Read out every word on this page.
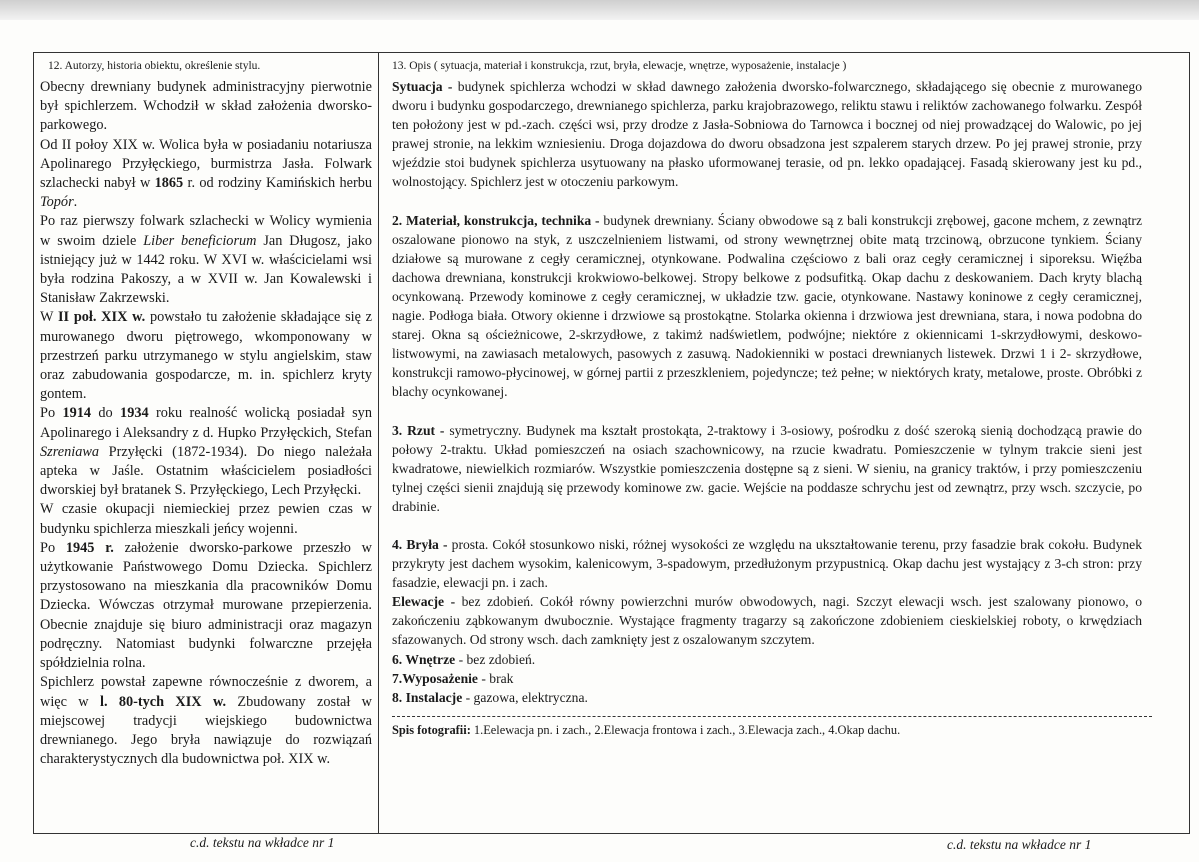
12. Autorzy, historia obiektu, określenie stylu.

Obecny drewniany budynek administracyjny pierwotnie był spichlerzem. Wchodził w skład założenia dworsko-parkowego.

Od II połoy XIX w. Wolica była w posiadaniu notariusza Apolinarego Przyłęckiego, burmistrza Jasła. Folwark szlachecki nabył w 1865 r. od rodziny Kamińskich herbu Topór.

Po raz pierwszy folwark szlachecki w Wolicy wymienia w swoim dziele Liber beneficiorum Jan Długosz, jako istniejący już w 1442 roku. W XVI w. właścicielami wsi była rodzina Pakoszy, a w XVII w. Jan Kowalewski i Stanisław Zakrzewski.

W II poł. XIX w. powstało tu założenie składające się z murowanego dworu piętrowego, wkomponowany w przestrzeń parku utrzymanego w stylu angielskim, staw oraz zabudowania gospodarcze, m. in. spichlerz kryty gontem.

Po 1914 do 1934 roku realność wolicką posiadał syn Apolinarego i Aleksandry z d. Hupko Przyłęckich, Stefan Szreniawa Przyłęcki (1872-1934). Do niego należała apteka w Jaśle. Ostatnim właścicielem posiadłości dworskiej był bratanek S. Przyłęckiego, Lech Przyłęcki.

W czasie okupacji niemieckiej przez pewien czas w budynku spichlerza mieszkali jeńcy wojenni.

Po 1945 r. założenie dworsko-parkowe przeszło w użytkowanie Państwowego Domu Dziecka. Spichlerz przystosowano na mieszkania dla pracowników Domu Dziecka. Wówczas otrzymał murowane przepierzenia. Obecnie znajduje się biuro administracji oraz magazyn podręczny. Natomiast budynki folwarczne przejęła spółdzielnia rolna.

Spichlerz powstał zapewne równocześnie z dworem, a więc w l. 80-tych XIX w. Zbudowany został w miejscowej tradycji wiejskiego budownictwa drewnianego. Jego bryła nawiązuje do rozwiązań charakterystycznych dla budownictwa poł. XIX w.

13. Opis ( sytuacja, materiał i konstrukcja, rzut, bryła, elewacje, wnętrze, wyposażenie, instalacje )

Sytuacja - budynek spichlerza wchodzi w skład dawnego założenia dworsko-folwarcznego, składającego się obecnie z murowanego dworu i budynku gospodarczego, drewnianego spichlerza, parku krajobrazowego, reliktu stawu i reliktów zachowanego folwarku. Zespół ten położony jest w pd.-zach. części wsi, przy drodze z Jasła-Sobniowa do Tarnowca i bocznej od niej prowadzącej do Walowic, po jej prawej stronie, na lekkim wzniesieniu. Droga dojazdowa do dworu obsadzona jest szpalerem starych drzew. Po jej prawej stronie, przy wjeździe stoi budynek spichlerza usytuowany na płasko uformowanej terasie, od pn. lekko opadającej. Fasadą skierowany jest ku pd., wolnostojący. Spichlerz jest w otoczeniu parkowym.

2. Materiał, konstrukcja, technika - budynek drewniany. Ściany obwodowe są z bali konstrukcji zrębowej, gacone mchem, z zewnątrz oszalowane pionowo na styk, z uszczelnieniem listwami, od strony wewnętrznej obite matą trzcinową, obrzucone tynkiem. Ściany działowe są murowane z cegły ceramicznej, otynkowane. Podwalina częściowo z bali oraz cegły ceramicznej i siporeksu. Więźba dachowa drewniana, konstrukcji krokwiowo-belkowej. Stropy belkowe z podsufitką. Okap dachu z deskowaniem. Dach kryty blachą ocynkowaną. Przewody kominowe z cegły ceramicznej, w układzie tzw. gacie, otynkowane. Nastawy koninowe z cegły ceramicznej, nagie. Podłoga biała. Otwory okienne i drzwiowe są prostokątne. Stolarka okienna i drzwiowa jest drewniana, stara, i nowa podobna do starej. Okna są ościeżnicowe, 2-skrzydłowe, z takimż nadświetlem, podwójne; niektóre z okiennicami 1-skrzydłowymi, deskowo- listwowymi, na zawiasach metalowych, pasowych z zasuwą. Nadokienniki w postaci drewnianych listewek. Drzwi 1 i 2- skrzydłowe, konstrukcji ramowo-płycinowej, w górnej partii z przeszkleniem, pojedyncze; też pełne; w niektórych kraty, metalowe, proste. Obróbki z blachy ocynkowanej.

3. Rzut - symetryczny. Budynek ma kształt prostokąta, 2-traktowy i 3-osiowy, pośrodku z dość szeroką sienią dochodzącą prawie do połowy 2-traktu. Układ pomieszczeń na osiach szachownicowy, na rzucie kwadratu. Pomieszczenie w tylnym trakcie sieni jest kwadratowe, niewielkich rozmiarów. Wszystkie pomieszczenia dostępne są z sieni. W sieniu, na granicy traktów, i przy pomieszczeniu tylnej części sienii znajdują się przewody kominowe zw. gacie. Wejście na poddasze schrychu jest od zewnątrz, przy wsch. szczycie, po drabinie.

4. Bryła - prosta. Cokół stosunkowo niski, różnej wysokości ze względu na ukształtowanie terenu, przy fasadzie brak cokołu. Budynek przykryty jest dachem wysokim, kalenicowym, 3-spadowym, przedłużonym przypustnicą. Okap dachu jest wystający z 3-ch stron: przy fasadzie, elewacji pn. i zach.

Elewacje - bez zdobień. Cokół równy powierzchni murów obwodowych, nagi. Szczyt elewacji wsch. jest szalowany pionowo, o zakończeniu ząbkowanym dwubocznie. Wystające fragmenty tragarzy są zakończone zdobieniem cieskielskiej roboty, o krwędziach sfazowanych. Od strony wsch. dach zamknięty jest z oszalowanym szczytem.

6. Wnętrze - bez zdobień.

7.Wyposażenie - brak

8. Instalacje - gazowa, elektryczna.

Spis fotografii: 1.Eelewacja pn. i zach., 2.Elewacja frontowa i zach., 3.Elewacja zach., 4.Okap dachu.

c.d. tekstu na wkładce nr 1	c.d. tekstu na wkładce nr 1
